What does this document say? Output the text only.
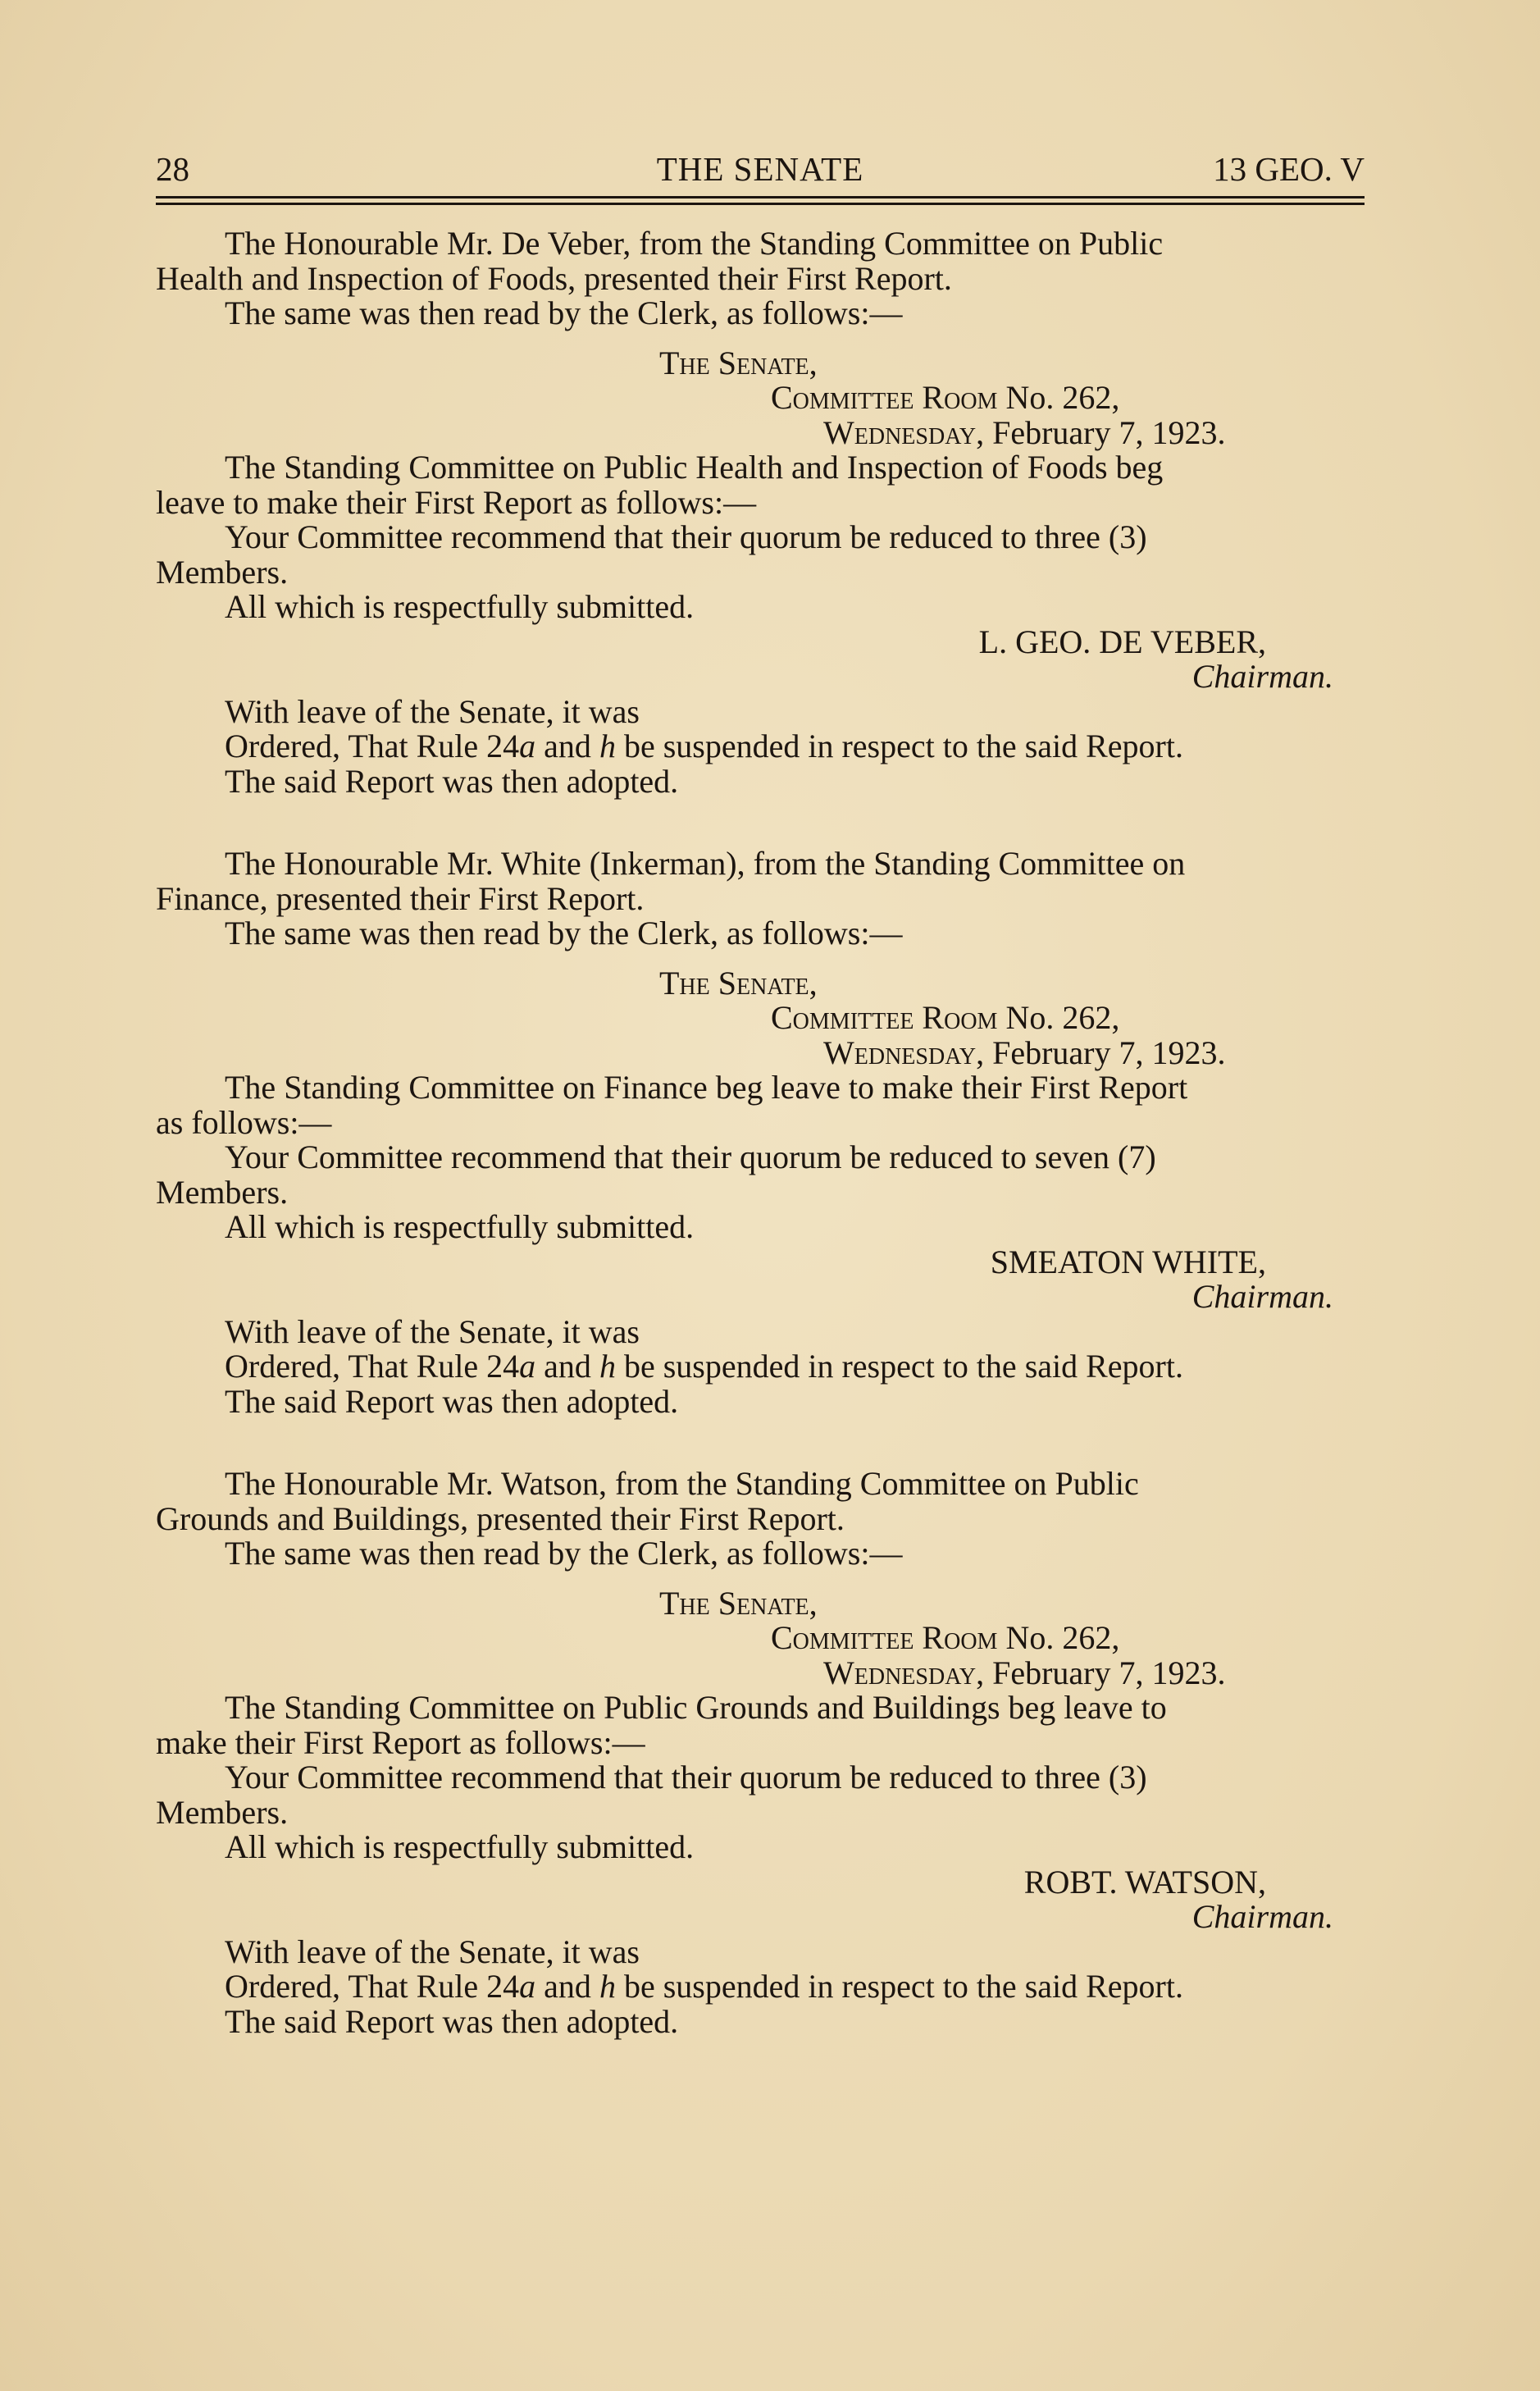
28	THE SENATE	13 GEO. V
The Honourable Mr. De Veber, from the Standing Committee on Public
Health and Inspection of Foods, presented their First Report.
The same was then read by the Clerk, as follows:—
The Senate,
Committee Room No. 262,
Wednesday, February 7, 1923.
The Standing Committee on Public Health and Inspection of Foods beg
leave to make their First Report as follows:—
Your Committee recommend that their quorum be reduced to three (3)
Members.
All which is respectfully submitted.
L. GEO. DE VEBER,
Chairman.
With leave of the Senate, it was
Ordered, That Rule 24a and h be suspended in respect to the said Report.
The said Report was then adopted.
The Honourable Mr. White (Inkerman), from the Standing Committee on
Finance, presented their First Report.
The same was then read by the Clerk, as follows:—
The Senate,
Committee Room No. 262,
Wednesday, February 7, 1923.
The Standing Committee on Finance beg leave to make their First Report
as follows:—
Your Committee recommend that their quorum be reduced to seven (7)
Members.
All which is respectfully submitted.
SMEATON WHITE,
Chairman.
With leave of the Senate, it was
Ordered, That Rule 24a and h be suspended in respect to the said Report.
The said Report was then adopted.
The Honourable Mr. Watson, from the Standing Committee on Public
Grounds and Buildings, presented their First Report.
The same was then read by the Clerk, as follows:—
The Senate,
Committee Room No. 262,
Wednesday, February 7, 1923.
The Standing Committee on Public Grounds and Buildings beg leave to
make their First Report as follows:—
Your Committee recommend that their quorum be reduced to three (3)
Members.
All which is respectfully submitted.
ROBT. WATSON,
Chairman.
With leave of the Senate, it was
Ordered, That Rule 24a and h be suspended in respect to the said Report.
The said Report was then adopted.
